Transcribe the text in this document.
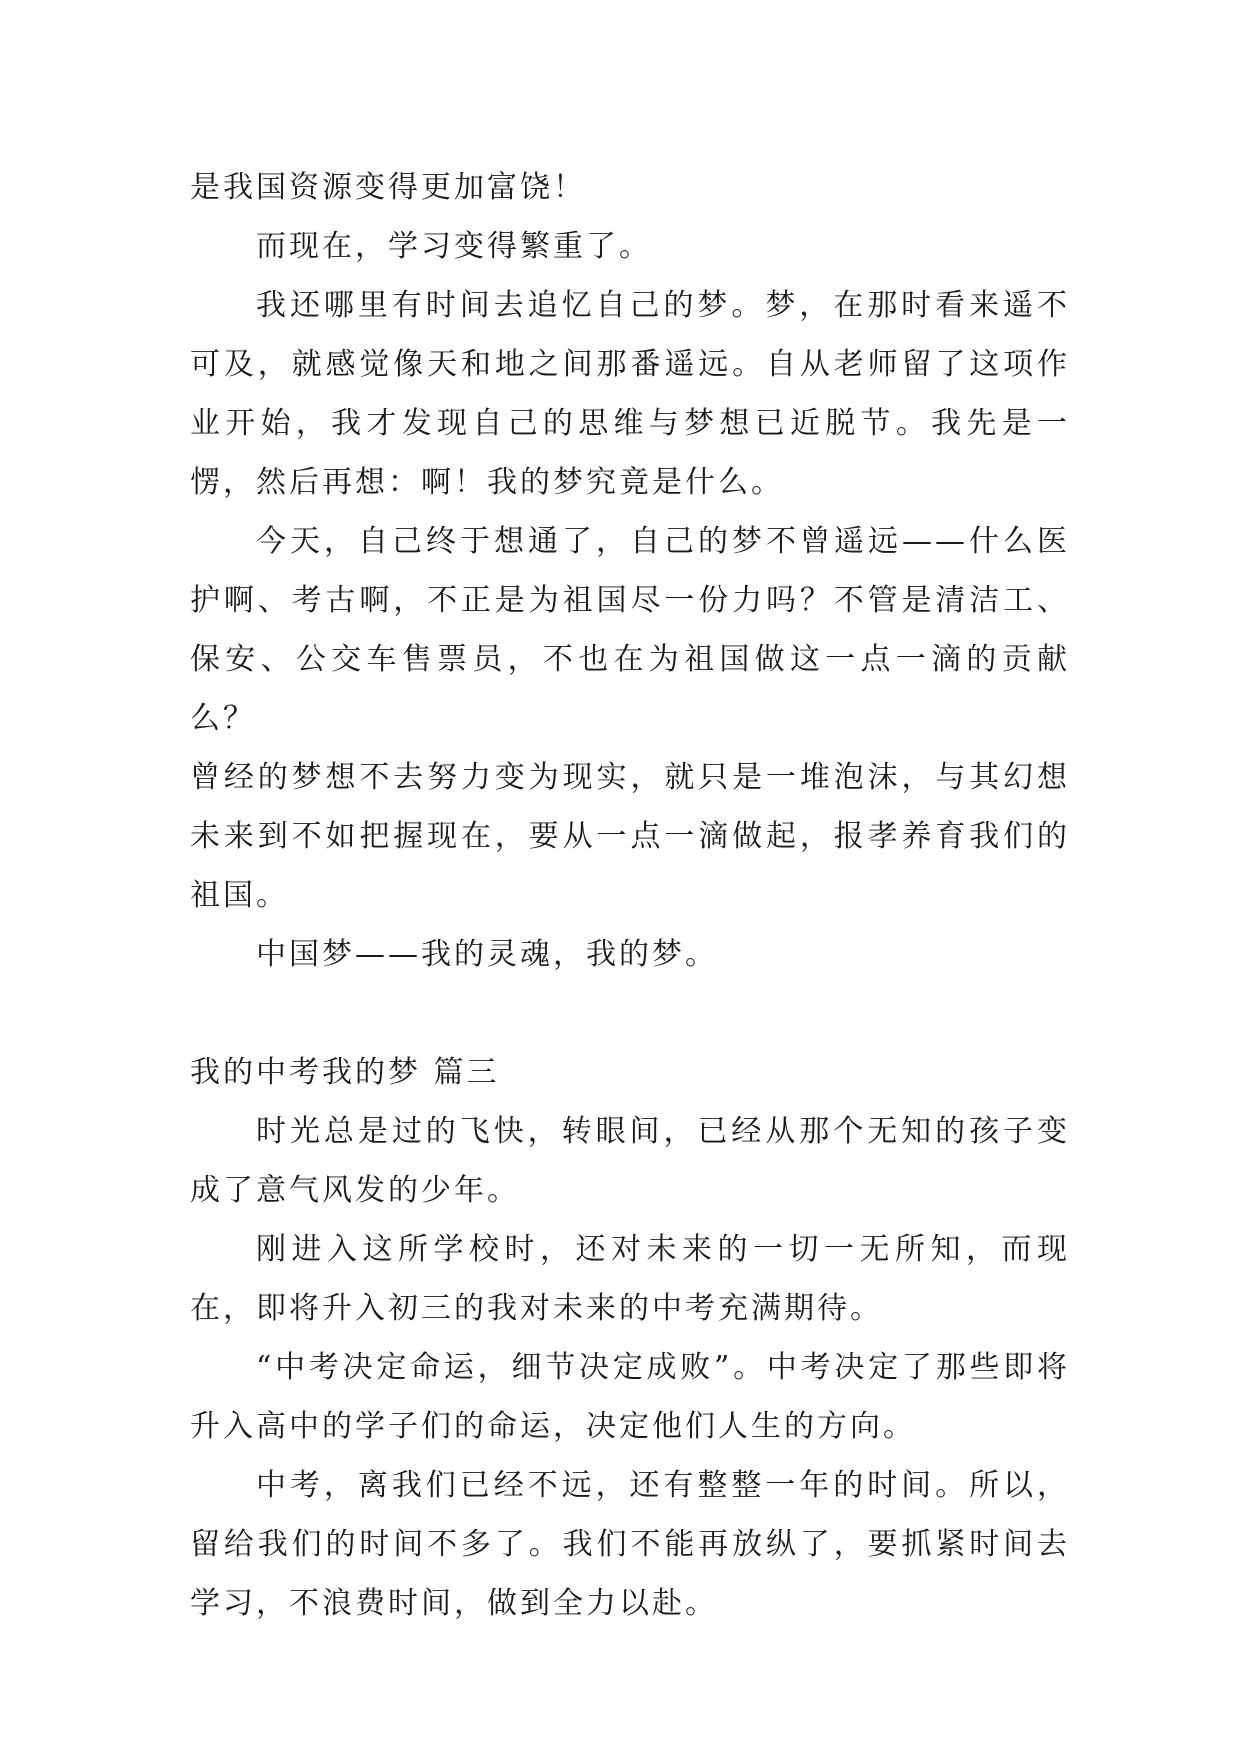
是我国资源变得更加富饶！

而现在，学习变得繁重了。

我还哪里有时间去追忆自己的梦。梦，在那时看来遥不可及，就感觉像天和地之间那番遥远。自从老师留了这项作业开始，我才发现自己的思维与梦想已近脱节。我先是一愣，然后再想：啊！我的梦究竟是什么。

今天，自己终于想通了，自己的梦不曾遥远——什么医护啊、考古啊，不正是为祖国尽一份力吗？不管是清洁工、保安、公交车售票员，不也在为祖国做这一点一滴的贡献么？

曾经的梦想不去努力变为现实，就只是一堆泡沫，与其幻想未来到不如把握现在，要从一点一滴做起，报孝养育我们的祖国。

中国梦——我的灵魂，我的梦。

我的中考我的梦 篇三

时光总是过的飞快，转眼间，已经从那个无知的孩子变成了意气风发的少年。

刚进入这所学校时，还对未来的一切一无所知，而现在，即将升入初三的我对未来的中考充满期待。

“中考决定命运，细节决定成败”。中考决定了那些即将升入高中的学子们的命运，决定他们人生的方向。

中考，离我们已经不远，还有整整一年的时间。所以，留给我们的时间不多了。我们不能再放纵了，要抓紧时间去学习，不浪费时间，做到全力以赴。
